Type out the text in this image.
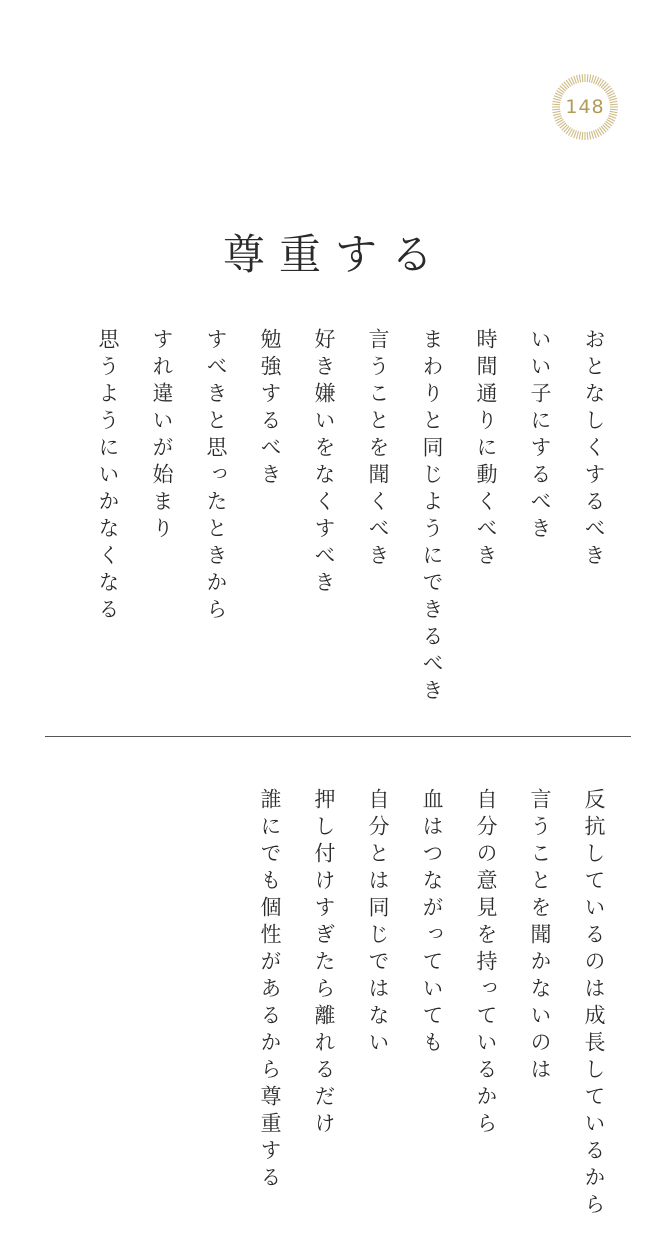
148
尊重する
おとなしくするべき
いい子にするべき
時間通りに動くべき
まわりと同じようにできるべき
言うことを聞くべき
好き嫌いをなくすべき
勉強するべき
すべきと思ったときから
すれ違いが始まり
思うようにいかなくなる
反抗しているのは成長しているから
言うことを聞かないのは
自分の意見を持っているから
血はつながっていても
自分とは同じではない
押し付けすぎたら離れるだけ
誰にでも個性があるから尊重する
